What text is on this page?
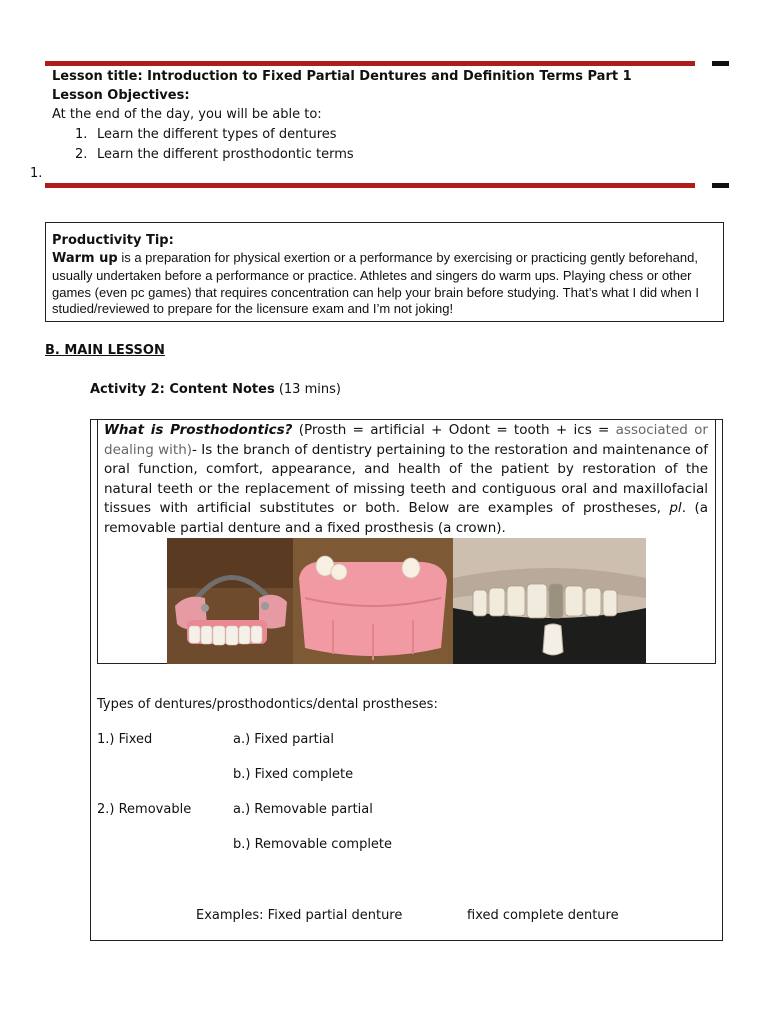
Lesson title: Introduction to Fixed Partial Dentures and Definition Terms Part 1
Lesson Objectives:
At the end of the day, you will be able to:
1. Learn the different types of dentures
2. Learn the different prosthodontic terms
1.
Productivity Tip:
Warm up is a preparation for physical exertion or a performance by exercising or practicing gently beforehand, usually undertaken before a performance or practice. Athletes and singers do warm ups. Playing chess or other games (even pc games) that requires concentration can help your brain before studying. That’s what I did when I studied/reviewed to prepare for the licensure exam and I’m not joking!
B. MAIN LESSON
Activity 2: Content Notes (13 mins)
What is Prosthodontics? (Prosth = artificial + Odont = tooth + ics = associated or dealing with)- Is the branch of dentistry pertaining to the restoration and maintenance of oral function, comfort, appearance, and health of the patient by restoration of the natural teeth or the replacement of missing teeth and contiguous oral and maxillofacial tissues with artificial substitutes or both. Below are examples of prostheses, pl. (a removable partial denture and a fixed prosthesis (a crown).
Types of dentures/prosthodontics/dental prostheses:
1.) Fixed	a.) Fixed partial
b.) Fixed complete
2.) Removable	a.) Removable partial
b.) Removable complete
Examples: Fixed partial denture	fixed complete denture
